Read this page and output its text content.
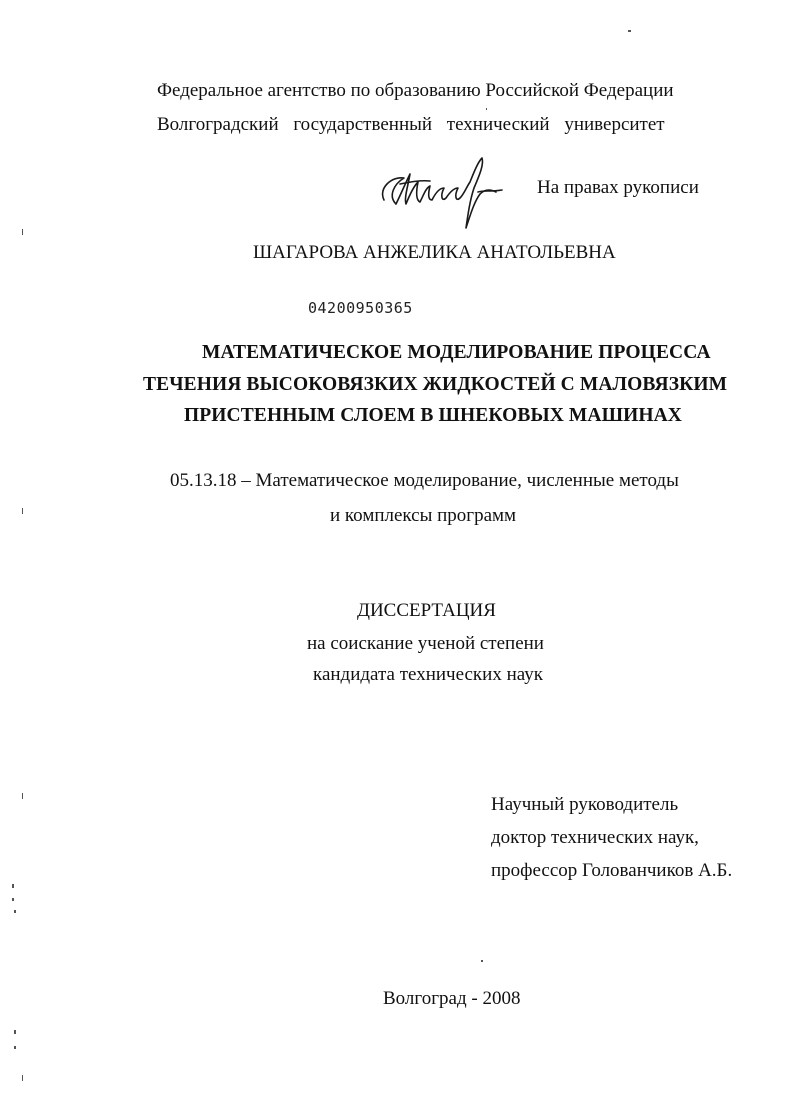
Федеральное агентство по образованию Российской Федерации
Волгоградский государственный технический университет
На правах рукописи
ШАГАРОВА АНЖЕЛИКА АНАТОЛЬЕВНА
04200950365
МАТЕМАТИЧЕСКОЕ МОДЕЛИРОВАНИЕ ПРОЦЕССА
ТЕЧЕНИЯ ВЫСОКОВЯЗКИХ ЖИДКОСТЕЙ С МАЛОВЯЗКИМ
ПРИСТЕННЫМ СЛОЕМ В ШНЕКОВЫХ МАШИНАХ
05.13.18 – Математическое моделирование, численные методы
и комплексы программ
ДИССЕРТАЦИЯ
на соискание ученой степени
кандидата технических наук
Научный руководитель
доктор технических наук,
профессор Голованчиков А.Б.
Волгоград - 2008
